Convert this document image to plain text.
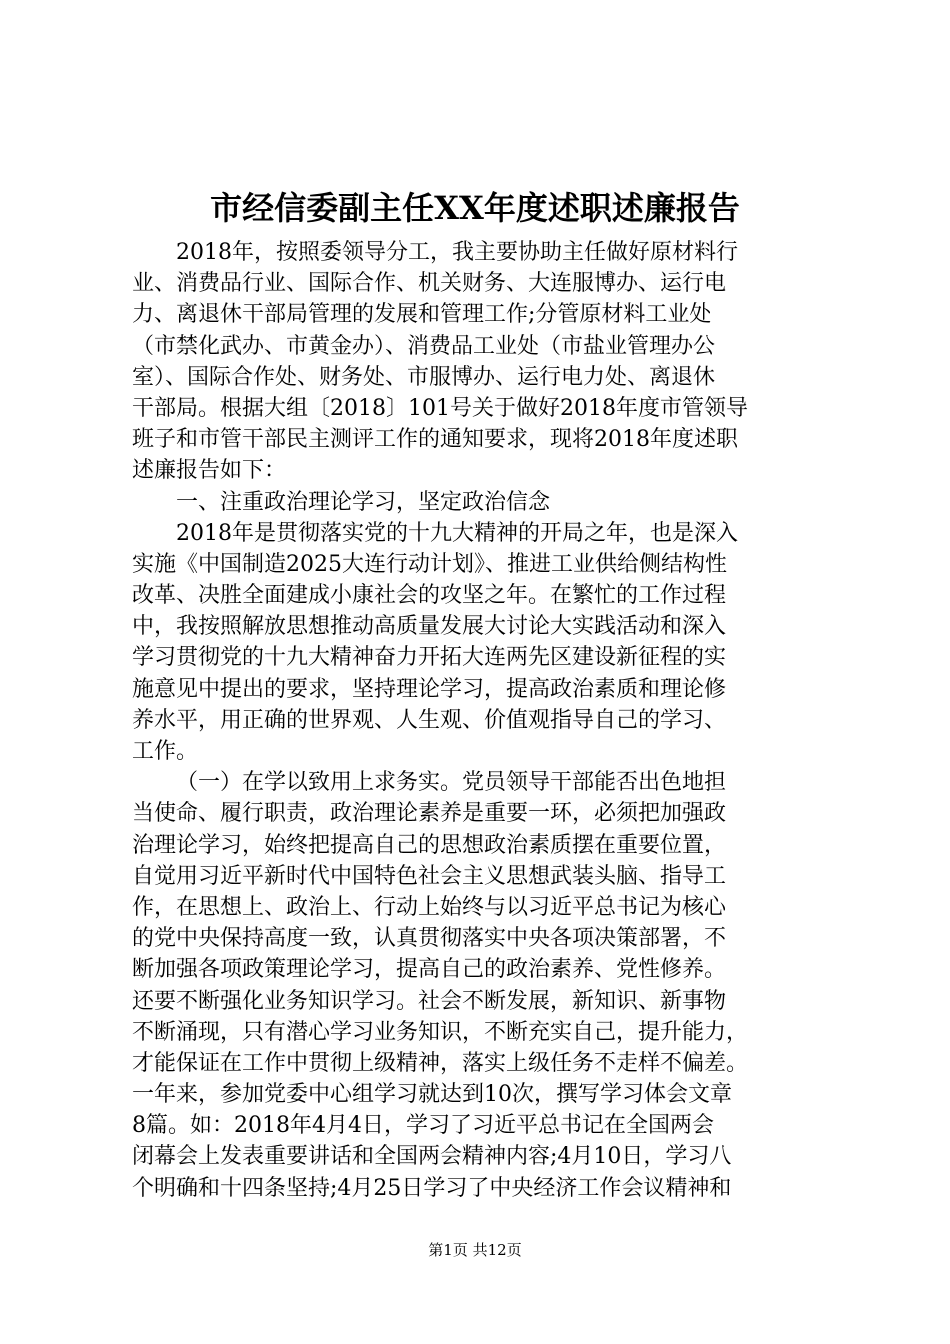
市经信委副主任XX年度述职述廉报告
2018年，按照委领导分工，我主要协助主任做好原材料行
业、消费品行业、国际合作、机关财务、大连服博办、运行电
力、离退休干部局管理的发展和管理工作;分管原材料工业处
（市禁化武办、市黄金办）、消费品工业处（市盐业管理办公
室）、国际合作处、财务处、市服博办、运行电力处、离退休
干部局。根据大组〔2018〕101号关于做好2018年度市管领导
班子和市管干部民主测评工作的通知要求，现将2018年度述职
述廉报告如下：
一、注重政治理论学习，坚定政治信念
2018年是贯彻落实党的十九大精神的开局之年，也是深入
实施《中国制造2025大连行动计划》、推进工业供给侧结构性
改革、决胜全面建成小康社会的攻坚之年。在繁忙的工作过程
中，我按照解放思想推动高质量发展大讨论大实践活动和深入
学习贯彻党的十九大精神奋力开拓大连两先区建设新征程的实
施意见中提出的要求，坚持理论学习，提高政治素质和理论修
养水平，用正确的世界观、人生观、价值观指导自己的学习、
工作。
（一）在学以致用上求务实。党员领导干部能否出色地担
当使命、履行职责，政治理论素养是重要一环，必须把加强政
治理论学习，始终把提高自己的思想政治素质摆在重要位置，
自觉用习近平新时代中国特色社会主义思想武装头脑、指导工
作，在思想上、政治上、行动上始终与以习近平总书记为核心
的党中央保持高度一致，认真贯彻落实中央各项决策部署，不
断加强各项政策理论学习，提高自己的政治素养、党性修养。
还要不断强化业务知识学习。社会不断发展，新知识、新事物
不断涌现，只有潜心学习业务知识，不断充实自己，提升能力，
才能保证在工作中贯彻上级精神，落实上级任务不走样不偏差。
一年来，参加党委中心组学习就达到10次，撰写学习体会文章
8篇。如：2018年4月4日，学习了习近平总书记在全国两会
闭幕会上发表重要讲话和全国两会精神内容;4月10日，学习八
个明确和十四条坚持;4月25日学习了中央经济工作会议精神和
第1页 共12页
